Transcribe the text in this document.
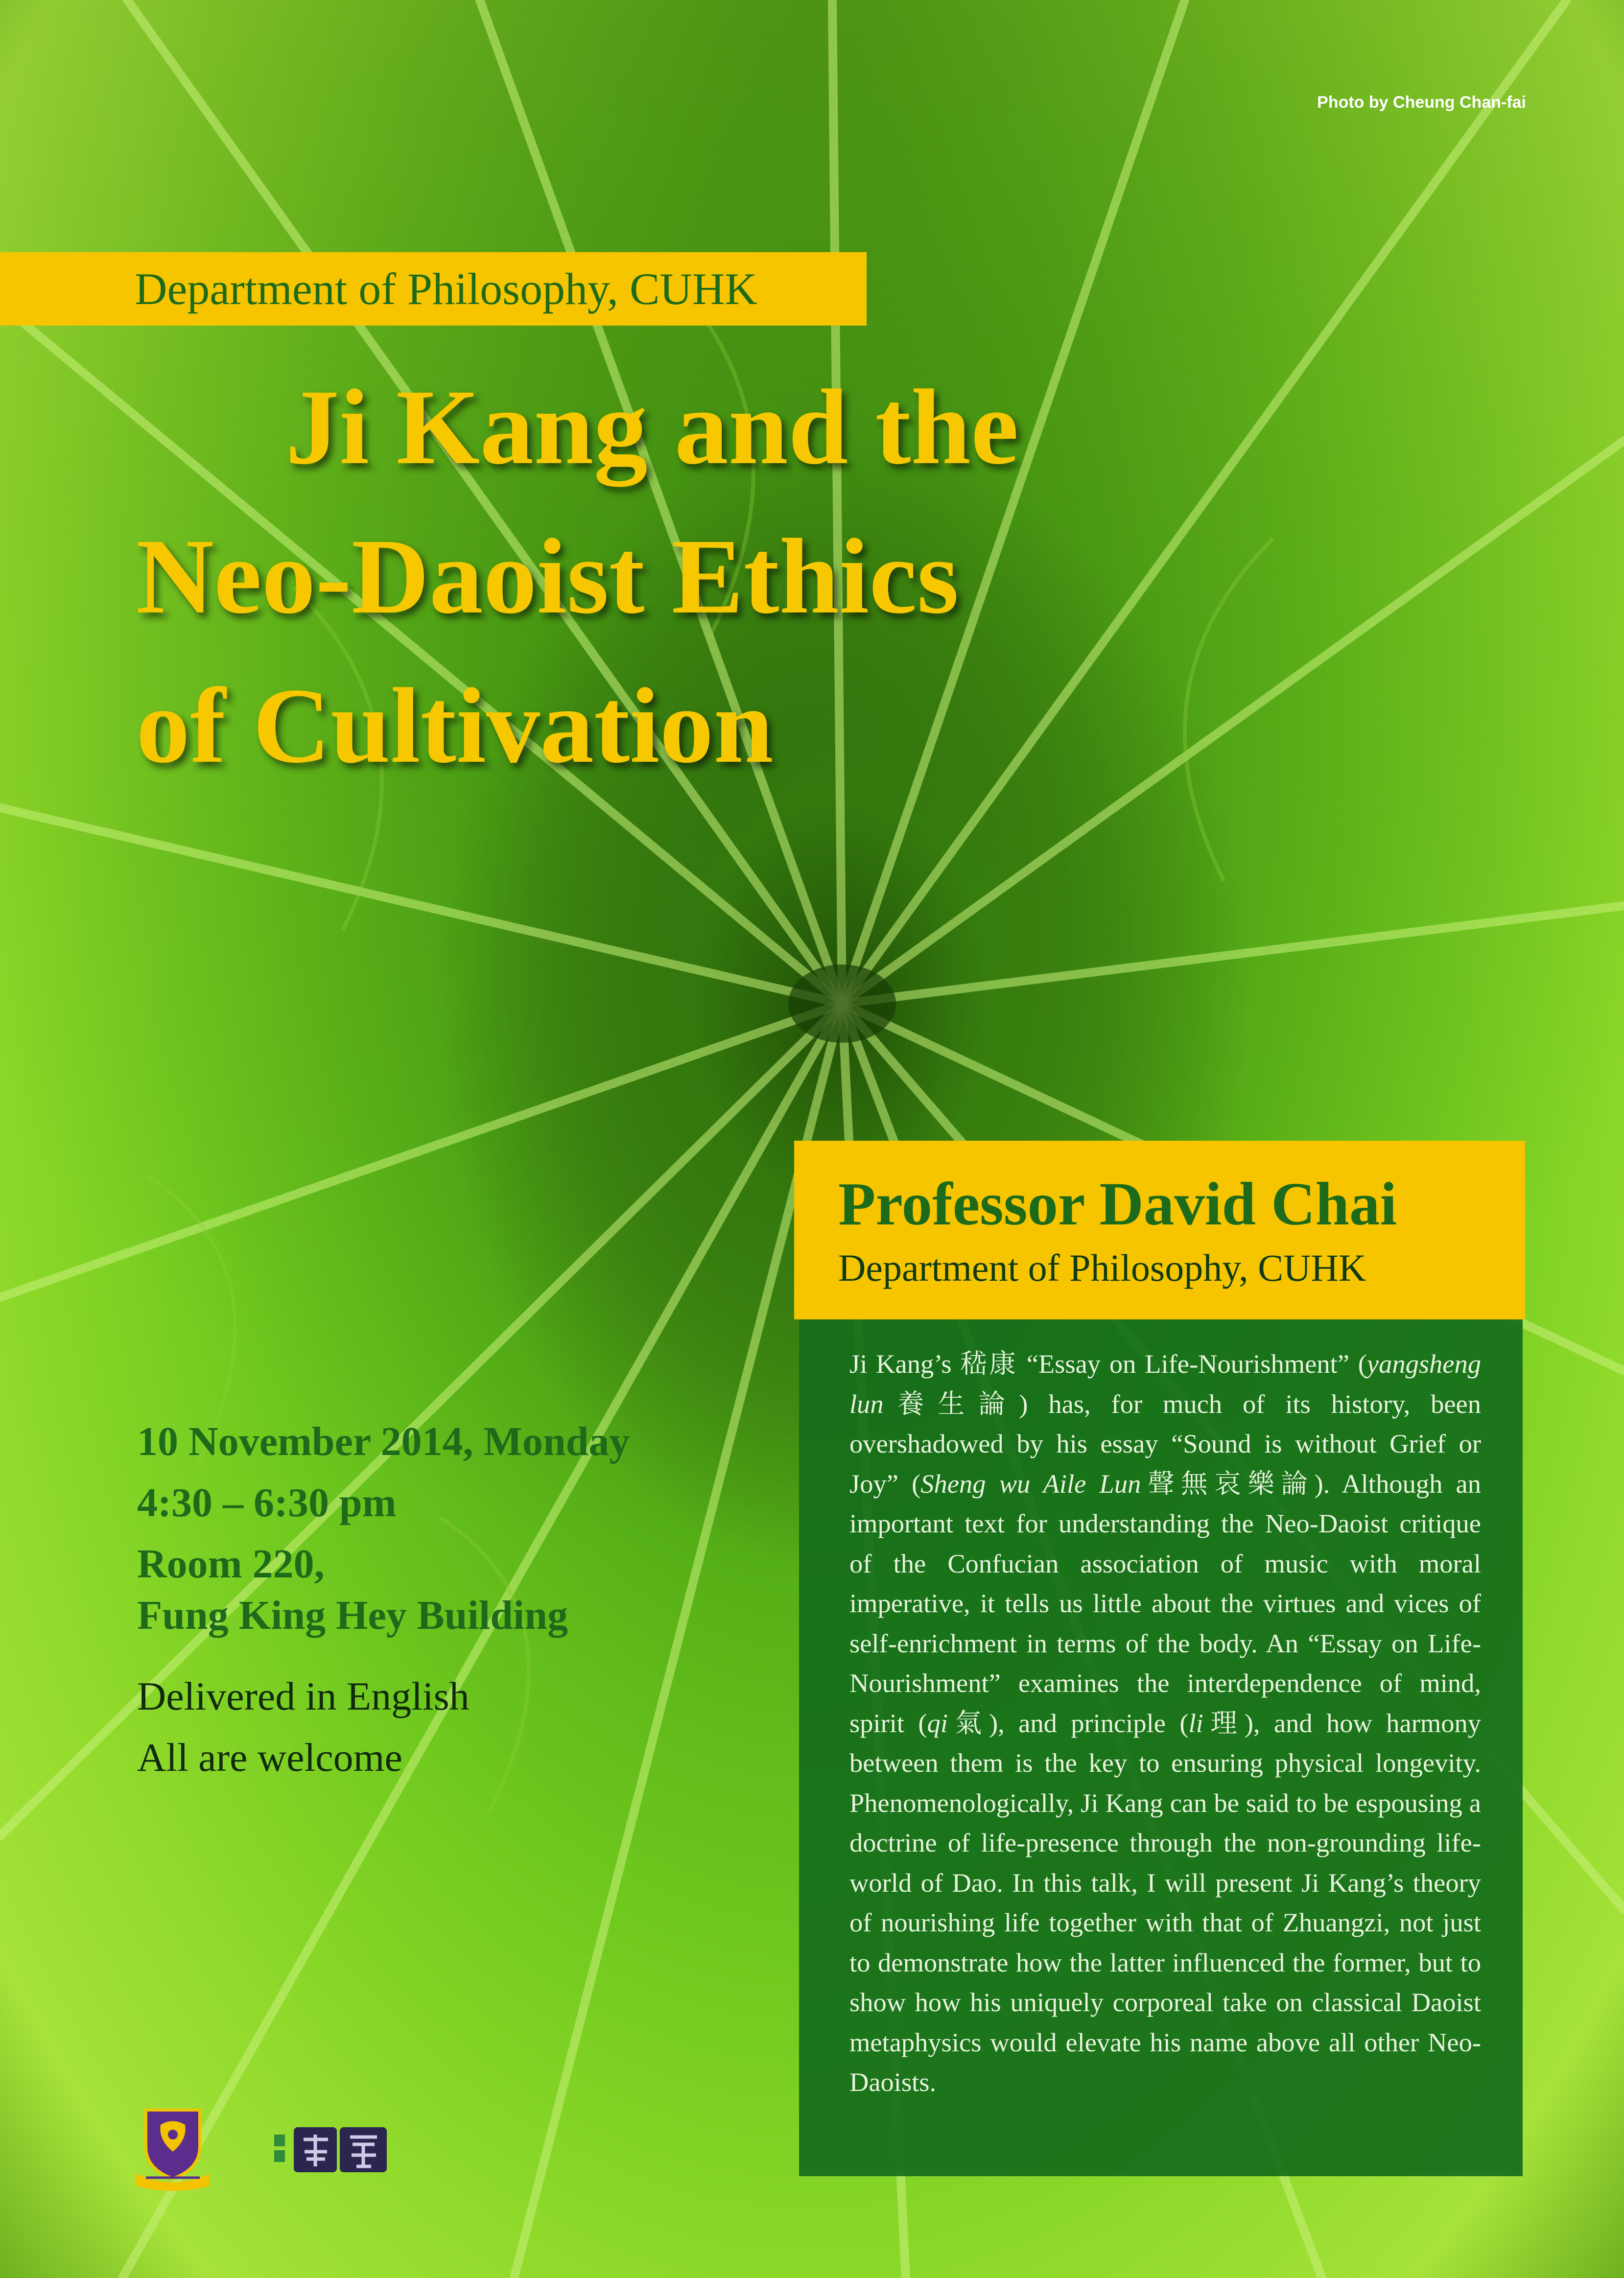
Photo by Cheung Chan-fai
Department of Philosophy, CUHK
Ji Kang and the
Neo-Daoist Ethics
of Cultivation
Professor David Chai
Department of Philosophy, CUHK

Ji Kang’s 嵇康 “Essay on Life-Nourishment” (yangsheng lun養生論) has, for much of its history, been overshadowed by his essay “Sound is without Grief or Joy” (Sheng wu Aile Lun聲無哀樂論). Although an important text for understanding the Neo-Daoist critique of the Confucian association of music with moral imperative, it tells us little about the virtues and vices of self-enrichment in terms of the body. An “Essay on Life-Nourishment” examines the interdependence of mind, spirit (qi氣), and principle (li理), and how harmony between them is the key to ensuring physical longevity. Phenomenologically, Ji Kang can be said to be espousing a doctrine of life-presence through the non-grounding life-world of Dao. In this talk, I will present Ji Kang’s theory of nourishing life together with that of Zhuangzi, not just to demonstrate how the latter influenced the former, but to show how his uniquely corporeal take on classical Daoist metaphysics would elevate his name above all other Neo-Daoists.

10 November 2014, Monday
4:30 – 6:30 pm
Room 220,
Fung King Hey Building
Delivered in English
All are welcome
